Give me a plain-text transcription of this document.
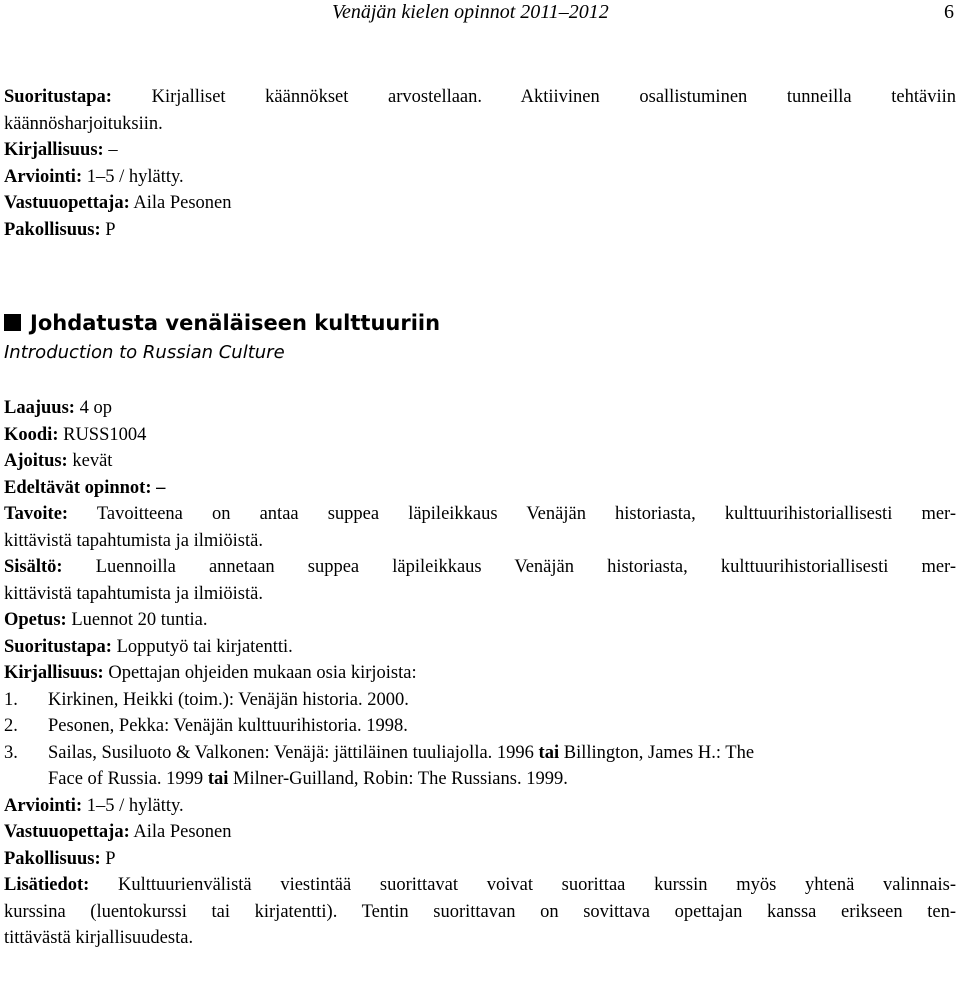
Venäjän kielen opinnot 2011–2012	6
Suoritustapa: Kirjalliset käännökset arvostellaan. Aktiivinen osallistuminen tunneilla tehtäviin
käännösharjoituksiin.
Kirjallisuus: –
Arviointi: 1–5 / hylätty.
Vastuuopettaja: Aila Pesonen
Pakollisuus: P
Johdatusta venäläiseen kulttuuriin
Introduction to Russian Culture
Laajuus: 4 op
Koodi: RUSS1004
Ajoitus: kevät
Edeltävät opinnot: –
Tavoite: Tavoitteena on antaa suppea läpileikkaus Venäjän historiasta, kulttuurihistoriallisesti mer-
kittävistä tapahtumista ja ilmiöistä.
Sisältö: Luennoilla annetaan suppea läpileikkaus Venäjän historiasta, kulttuurihistoriallisesti mer-
kittävistä tapahtumista ja ilmiöistä.
Opetus: Luennot 20 tuntia.
Suoritustapa: Lopputyö tai kirjatentti.
Kirjallisuus: Opettajan ohjeiden mukaan osia kirjoista:
1.	Kirkinen, Heikki (toim.): Venäjän historia. 2000.
2.	Pesonen, Pekka: Venäjän kulttuurihistoria. 1998.
3.	Sailas, Susiluoto & Valkonen: Venäjä: jättiläinen tuuliajolla. 1996 tai Billington, James H.: The
Face of Russia. 1999 tai Milner-Guilland, Robin: The Russians. 1999.
Arviointi: 1–5 / hylätty.
Vastuuopettaja: Aila Pesonen
Pakollisuus: P
Lisätiedot: Kulttuurienvälistä viestintää suorittavat voivat suorittaa kurssin myös yhtenä valinnais-
kurssina (luentokurssi tai kirjatentti). Tentin suorittavan on sovittava opettajan kanssa erikseen ten-
tittävästä kirjallisuudesta.
